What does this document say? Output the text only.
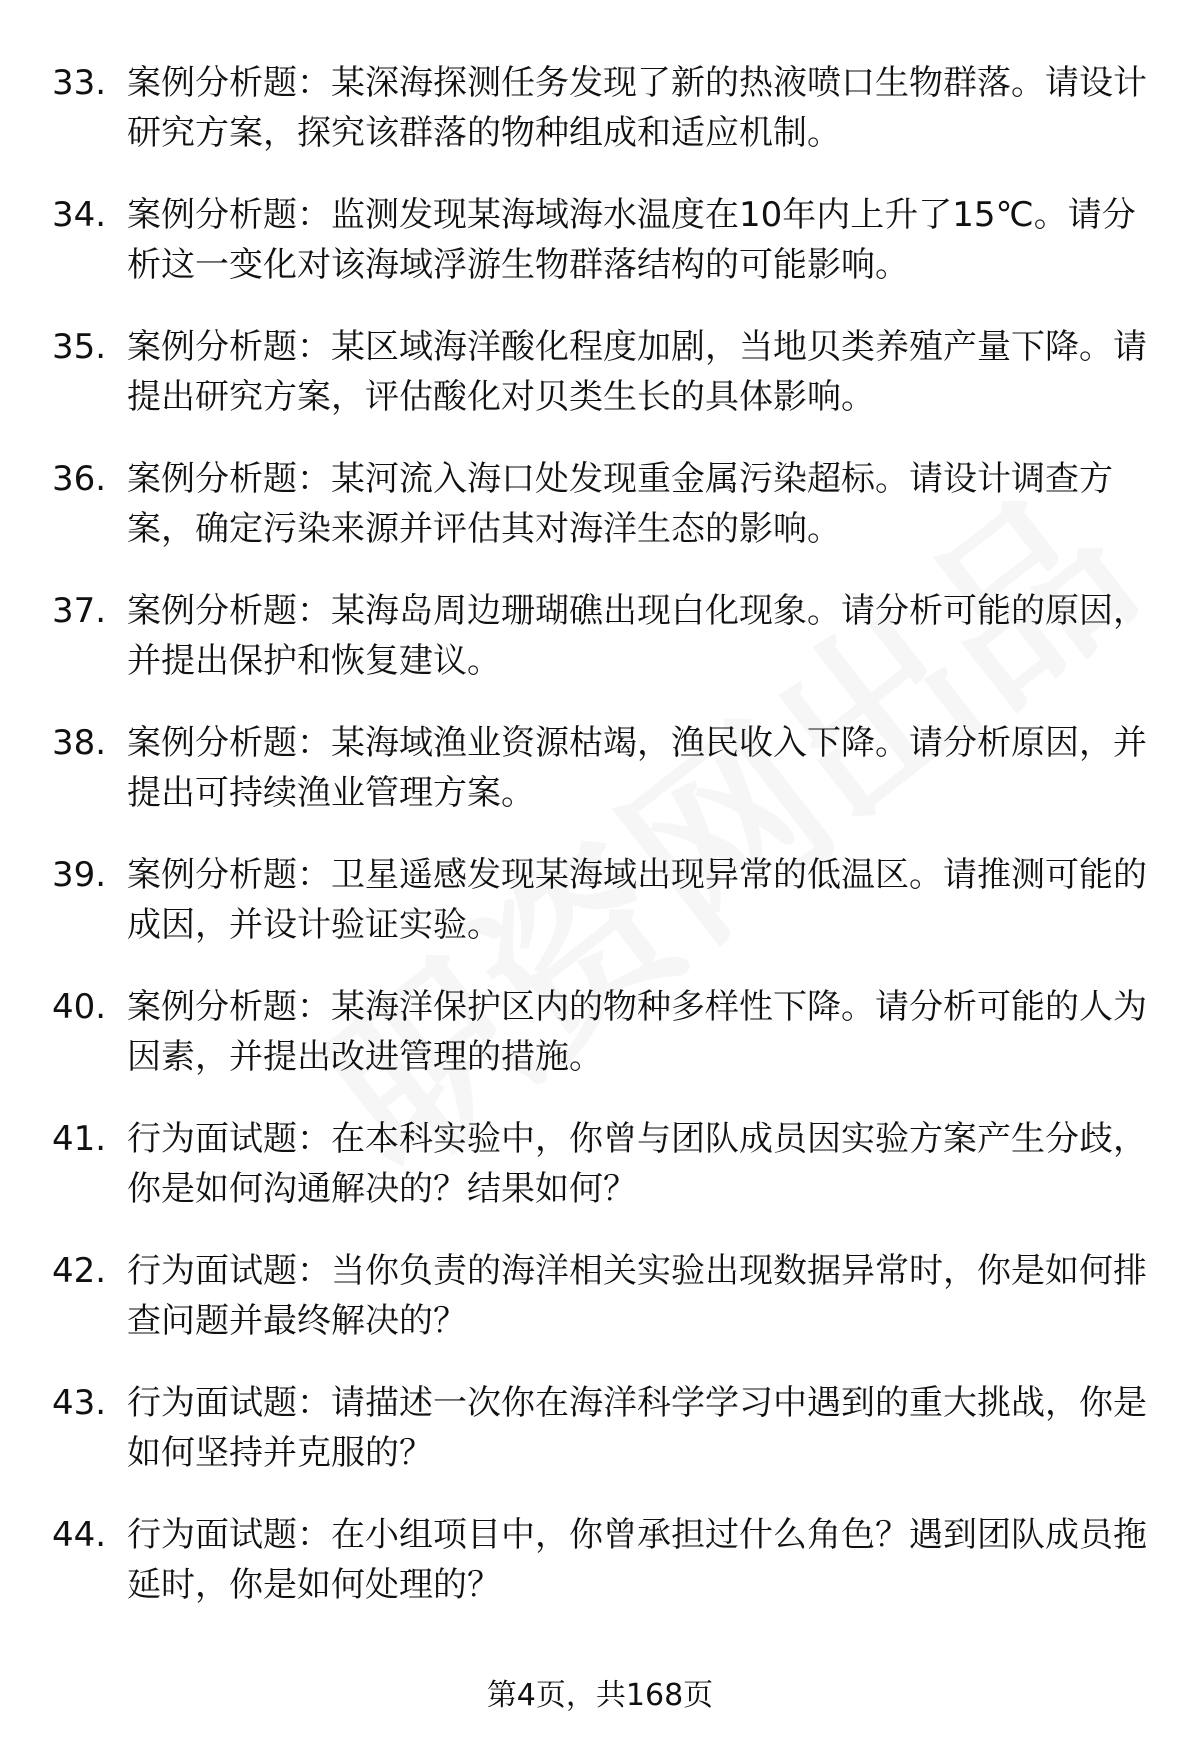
33. 案例分析题：某深海探测任务发现了新的热液喷口生物群落。请设计研究方案，探究该群落的物种组成和适应机制。
34. 案例分析题：监测发现某海域海水温度在10年内上升了15℃。请分析这一变化对该海域浮游生物群落结构的可能影响。
35. 案例分析题：某区域海洋酸化程度加剧，当地贝类养殖产量下降。请提出研究方案，评估酸化对贝类生长的具体影响。
36. 案例分析题：某河流入海口处发现重金属污染超标。请设计调查方案，确定污染来源并评估其对海洋生态的影响。
37. 案例分析题：某海岛周边珊瑚礁出现白化现象。请分析可能的原因，并提出保护和恢复建议。
38. 案例分析题：某海域渔业资源枯竭，渔民收入下降。请分析原因，并提出可持续渔业管理方案。
39. 案例分析题：卫星遥感发现某海域出现异常的低温区。请推测可能的成因，并设计验证实验。
40. 案例分析题：某海洋保护区内的物种多样性下降。请分析可能的人为因素，并提出改进管理的措施。
41. 行为面试题：在本科实验中，你曾与团队成员因实验方案产生分歧，你是如何沟通解决的？结果如何？
42. 行为面试题：当你负责的海洋相关实验出现数据异常时，你是如何排查问题并最终解决的？
43. 行为面试题：请描述一次你在海洋科学学习中遇到的重大挑战，你是如何坚持并克服的？
44. 行为面试题：在小组项目中，你曾承担过什么角色？遇到团队成员拖延时，你是如何处理的？
第4页，共168页
